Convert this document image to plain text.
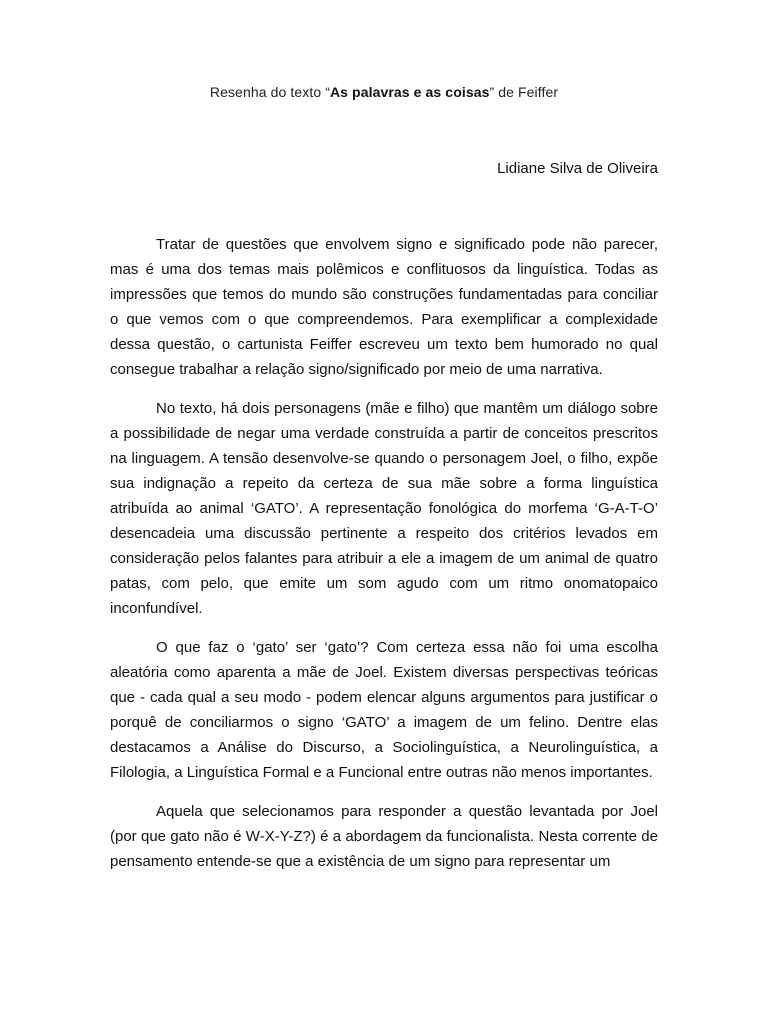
Resenha do texto “As palavras e as coisas” de Feiffer
Lidiane Silva de Oliveira

Tratar de questões que envolvem signo e significado pode não parecer, mas é uma dos temas mais polêmicos e conflituosos da linguística. Todas as impressões que temos do mundo são construções fundamentadas para conciliar o que vemos com o que compreendemos. Para exemplificar a complexidade dessa questão, o cartunista Feiffer escreveu um texto bem humorado no qual consegue trabalhar a relação signo/significado por meio de uma narrativa.

No texto, há dois personagens (mãe e filho) que mantêm um diálogo sobre a possibilidade de negar uma verdade construída a partir de conceitos prescritos na linguagem. A tensão desenvolve-se quando o personagem Joel, o filho, expõe sua indignação a repeito da certeza de sua mãe sobre a forma linguística atribuída ao animal ‘GATO’. A representação fonológica do morfema ‘G-A-T-O’ desencadeia uma discussão pertinente a respeito dos critérios levados em consideração pelos falantes para atribuir a ele a imagem de um animal de quatro patas, com pelo, que emite um som agudo com um ritmo onomatopaico inconfundível.

O que faz o ‘gato’ ser ‘gato’? Com certeza essa não foi uma escolha aleatória como aparenta a mãe de Joel. Existem diversas perspectivas teóricas que - cada qual a seu modo - podem elencar alguns argumentos para justificar o porquê de conciliarmos o signo ‘GATO’ a imagem de um felino. Dentre elas destacamos a Análise do Discurso, a Sociolinguística, a Neurolinguística, a Filologia, a Linguística Formal e a Funcional entre outras não menos importantes.

Aquela que selecionamos para responder a questão levantada por Joel (por que gato não é W-X-Y-Z?) é a abordagem da funcionalista. Nesta corrente de pensamento entende-se que a existência de um signo para representar um
